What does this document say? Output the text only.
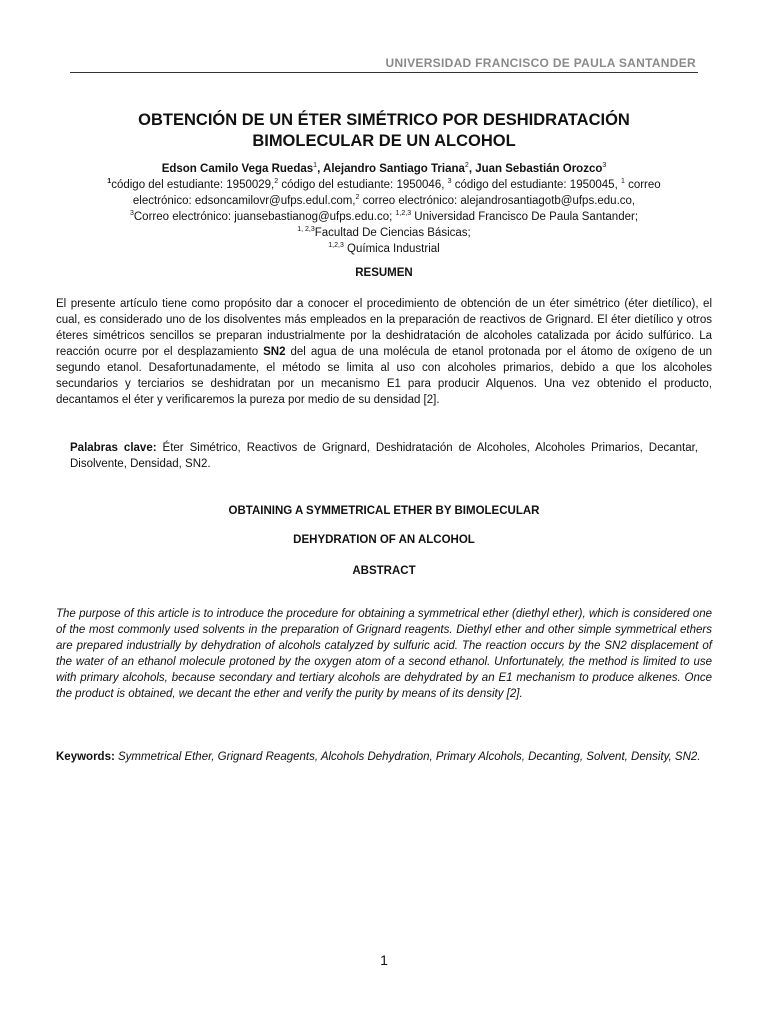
UNIVERSIDAD FRANCISCO DE PAULA SANTANDER
OBTENCIÓN DE UN ÉTER SIMÉTRICO POR DESHIDRATACIÓN
BIMOLECULAR DE UN ALCOHOL
Edson Camilo Vega Ruedas$^1$, Alejandro Santiago Triana$^2$, Juan Sebastián Orozco$^3$
$^1$código del estudiante: 1950029,$^2$ código del estudiante: 1950046, $^3$ código del estudiante: 1950045, $^1$ correo
electrónico: edsoncamilovr@ufps.edul.com,$^2$ correo electrónico: alejandrosantiagotb@ufps.edu.co,
$^3$Correo electrónico: juansebastianog@ufps.edu.co; $^{1,2,3}$ Universidad Francisco De Paula Santander;
$^{1, 2,3}$Facultad De Ciencias Básicas;
$^{1,2,3}$ Química Industrial
RESUMEN
El presente artículo tiene como propósito dar a conocer el procedimiento de obtención de un éter simétrico (éter dietílico), el cual, es considerado uno de los disolventes más empleados en la preparación de reactivos de Grignard. El éter dietílico y otros éteres simétricos sencillos se preparan industrialmente por la deshidratación de alcoholes catalizada por ácido sulfúrico. La reacción ocurre por el desplazamiento SN2 del agua de una molécula de etanol protonada por el átomo de oxígeno de un segundo etanol. Desafortunadamente, el método se limita al uso con alcoholes primarios, debido a que los alcoholes secundarios y terciarios se deshidratan por un mecanismo E1 para producir Alquenos. Una vez obtenido el producto, decantamos el éter y verificaremos la pureza por medio de su densidad [2].
Palabras clave: Éter Simétrico, Reactivos de Grignard, Deshidratación de Alcoholes, Alcoholes Primarios, Decantar, Disolvente, Densidad, SN2.
OBTAINING A SYMMETRICAL ETHER BY BIMOLECULAR
DEHYDRATION OF AN ALCOHOL
ABSTRACT
The purpose of this article is to introduce the procedure for obtaining a symmetrical ether (diethyl ether), which is considered one of the most commonly used solvents in the preparation of Grignard reagents. Diethyl ether and other simple symmetrical ethers are prepared industrially by dehydration of alcohols catalyzed by sulfuric acid. The reaction occurs by the SN2 displacement of the water of an ethanol molecule protoned by the oxygen atom of a second ethanol. Unfortunately, the method is limited to use with primary alcohols, because secondary and tertiary alcohols are dehydrated by an E1 mechanism to produce alkenes. Once the product is obtained, we decant the ether and verify the purity by means of its density [2].
Keywords: Symmetrical Ether, Grignard Reagents, Alcohols Dehydration, Primary Alcohols, Decanting, Solvent, Density, SN2.
1
